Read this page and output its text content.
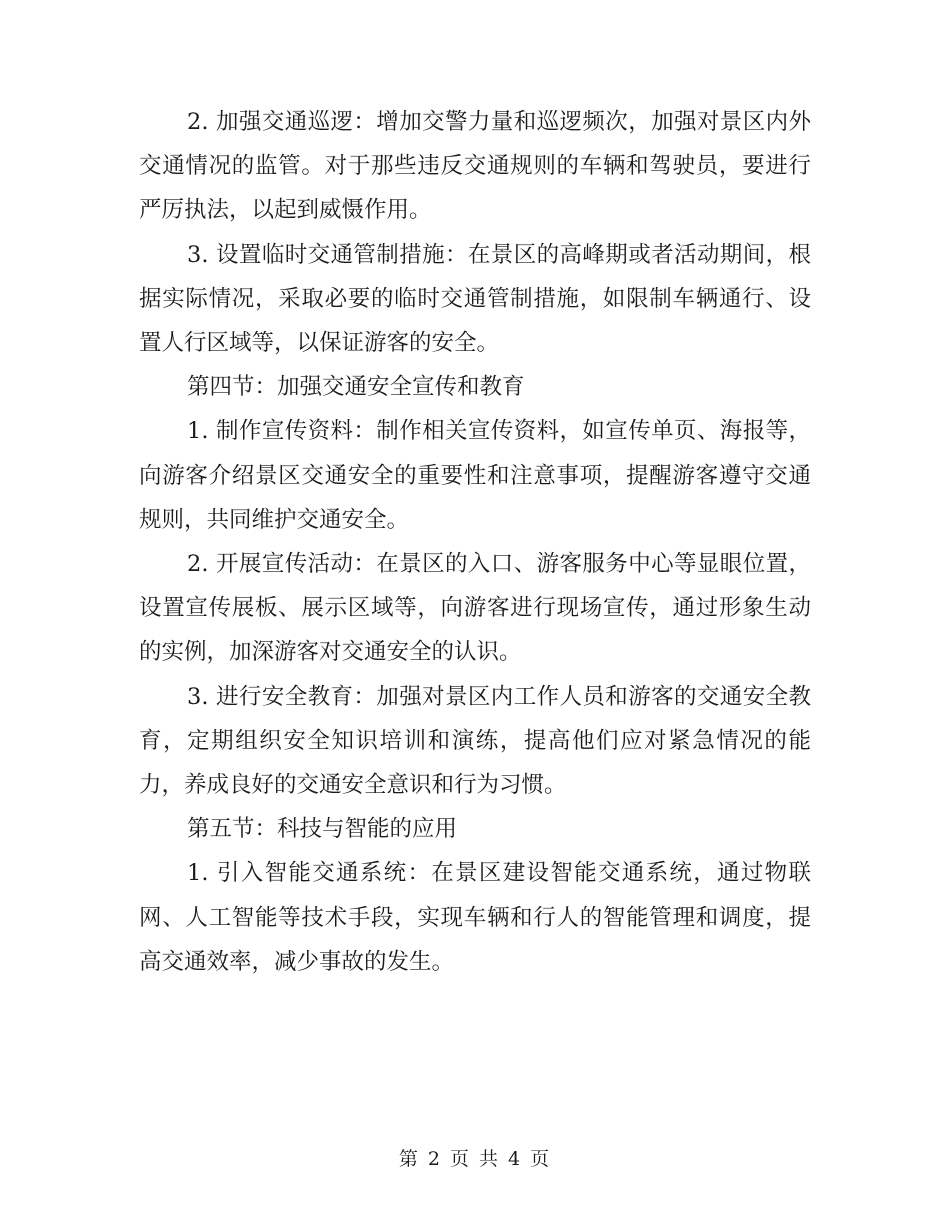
2. 加强交通巡逻：增加交警力量和巡逻频次，加强对景区内外交通情况的监管。对于那些违反交通规则的车辆和驾驶员，要进行严厉执法，以起到威慑作用。

3. 设置临时交通管制措施：在景区的高峰期或者活动期间，根据实际情况，采取必要的临时交通管制措施，如限制车辆通行、设置人行区域等，以保证游客的安全。

第四节：加强交通安全宣传和教育

1. 制作宣传资料：制作相关宣传资料，如宣传单页、海报等，向游客介绍景区交通安全的重要性和注意事项，提醒游客遵守交通规则，共同维护交通安全。

2. 开展宣传活动：在景区的入口、游客服务中心等显眼位置，设置宣传展板、展示区域等，向游客进行现场宣传，通过形象生动的实例，加深游客对交通安全的认识。

3. 进行安全教育：加强对景区内工作人员和游客的交通安全教育，定期组织安全知识培训和演练，提高他们应对紧急情况的能力，养成良好的交通安全意识和行为习惯。

第五节：科技与智能的应用

1. 引入智能交通系统：在景区建设智能交通系统，通过物联网、人工智能等技术手段，实现车辆和行人的智能管理和调度，提高交通效率，减少事故的发生。

第 2 页 共 4 页
